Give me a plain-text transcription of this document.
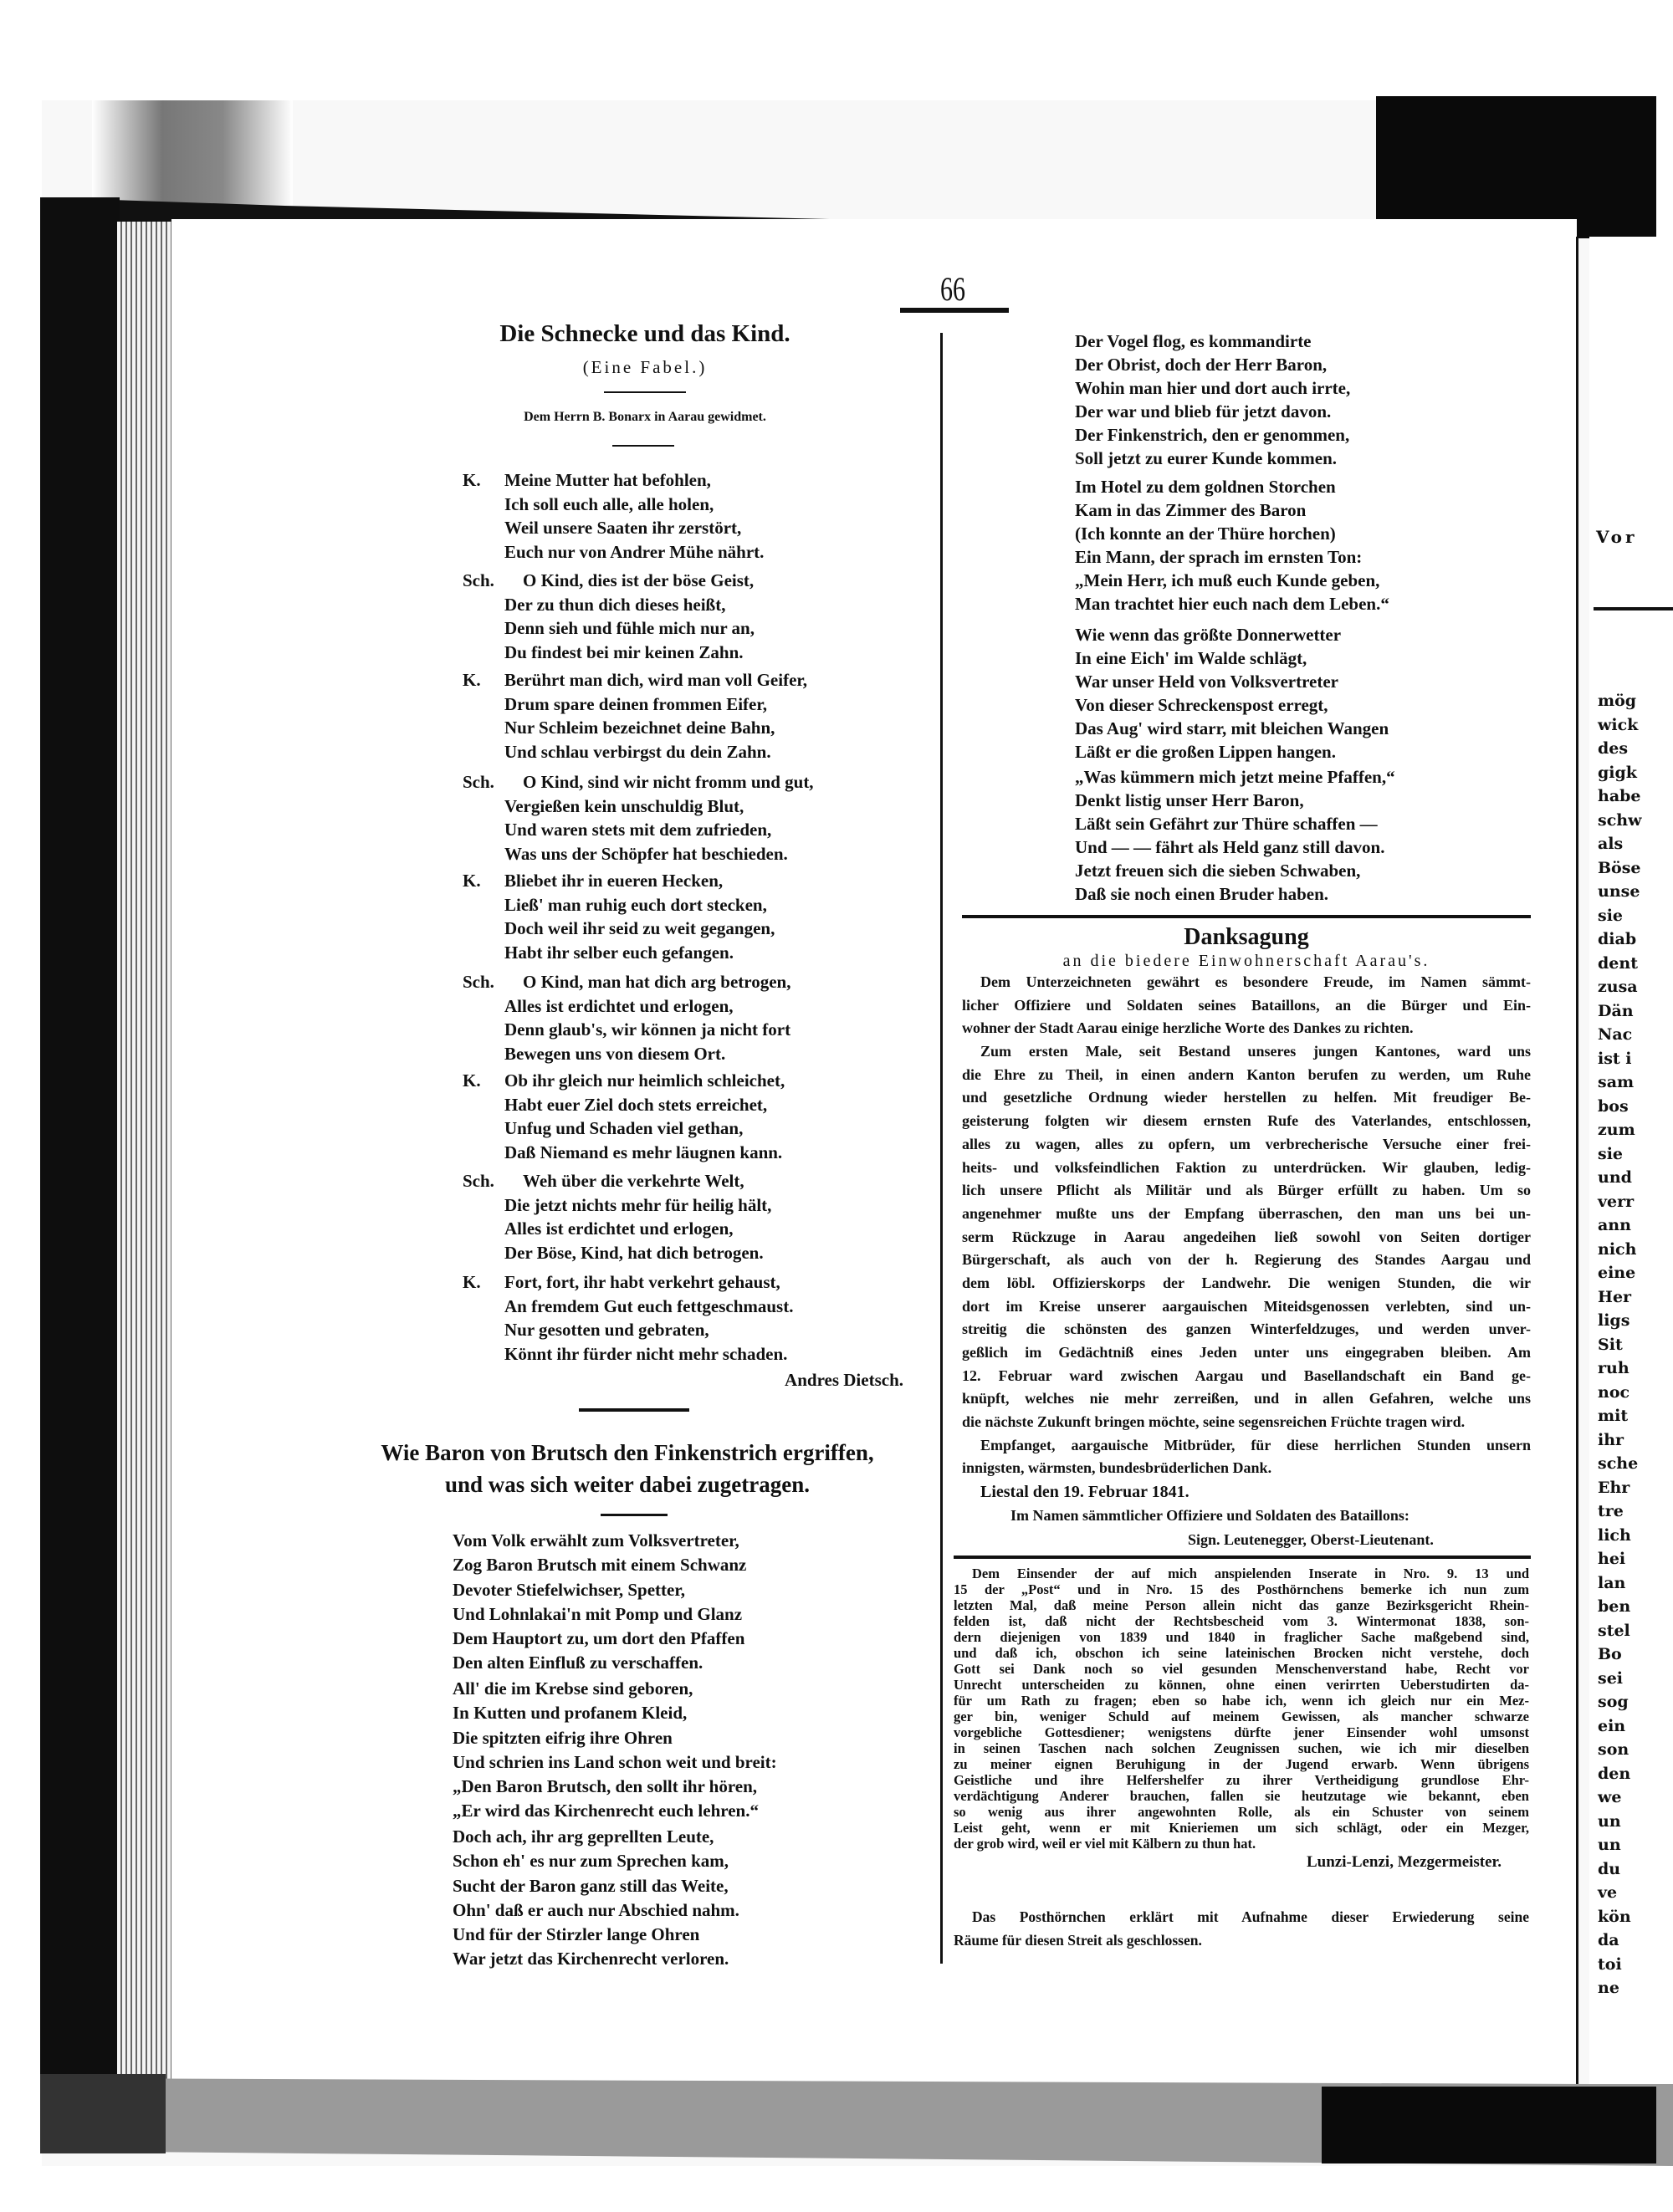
66
Die Schnecke und das Kind.
(Eine Fabel.)
Dem Herrn B. Bonarx in Aarau gewidmet.
K. Meine Mutter hat befohlen,
Ich soll euch alle, alle holen,
Weil unsere Saaten ihr zerstört,
Euch nur von Andrer Mühe nährt.
Sch. O Kind, dies ist der böse Geist,
Der zu thun dich dieses heißt,
Denn sieh und fühle mich nur an,
Du findest bei mir keinen Zahn.
K. Berührt man dich, wird man voll Geifer,
Drum spare deinen frommen Eifer,
Nur Schleim bezeichnet deine Bahn,
Und schlau verbirgst du dein Zahn.
Sch. O Kind, sind wir nicht fromm und gut,
Vergießen kein unschuldig Blut,
Und waren stets mit dem zufrieden,
Was uns der Schöpfer hat beschieden.
K. Bliebet ihr in eueren Hecken,
Ließ' man ruhig euch dort stecken,
Doch weil ihr seid zu weit gegangen,
Habt ihr selber euch gefangen.
Sch. O Kind, man hat dich arg betrogen,
Alles ist erdichtet und erlogen,
Denn glaub's, wir können ja nicht fort
Bewegen uns von diesem Ort.
K. Ob ihr gleich nur heimlich schleichet,
Habt euer Ziel doch stets erreichet,
Unfug und Schaden viel gethan,
Daß Niemand es mehr läugnen kann.
Sch. Weh über die verkehrte Welt,
Die jetzt nichts mehr für heilig hält,
Alles ist erdichtet und erlogen,
Der Böse, Kind, hat dich betrogen.
K. Fort, fort, ihr habt verkehrt gehaust,
An fremdem Gut euch fettgeschmaust.
Nur gesotten und gebraten,
Könnt ihr fürder nicht mehr schaden.
Andres Dietsch.
Wie Baron von Brutsch den Finkenstrich ergriffen,
und was sich weiter dabei zugetragen.
Vom Volk erwählt zum Volksvertreter,
Zog Baron Brutsch mit einem Schwanz
Devoter Stiefelwichser, Spetter,
Und Lohnlakai'n mit Pomp und Glanz
Dem Hauptort zu, um dort den Pfaffen
Den alten Einfluß zu verschaffen.
All' die im Krebse sind geboren,
In Kutten und profanem Kleid,
Die spitzten eifrig ihre Ohren
Und schrien ins Land schon weit und breit:
„Den Baron Brutsch, den sollt ihr hören,
„Er wird das Kirchenrecht euch lehren.“
Doch ach, ihr arg geprellten Leute,
Schon eh' es nur zum Sprechen kam,
Sucht der Baron ganz still das Weite,
Ohn' daß er auch nur Abschied nahm.
Und für der Stirzler lange Ohren
War jetzt das Kirchenrecht verloren.
Der Vogel flog, es kommandirte
Der Obrist, doch der Herr Baron,
Wohin man hier und dort auch irrte,
Der war und blieb für jetzt davon.
Der Finkenstrich, den er genommen,
Soll jetzt zu eurer Kunde kommen.
Im Hotel zu dem goldnen Storchen
Kam in das Zimmer des Baron
(Ich konnte an der Thüre horchen)
Ein Mann, der sprach im ernsten Ton:
„Mein Herr, ich muß euch Kunde geben,
Man trachtet hier euch nach dem Leben.“
Wie wenn das größte Donnerwetter
In eine Eich' im Walde schlägt,
War unser Held von Volksvertreter
Von dieser Schreckenspost erregt,
Das Aug' wird starr, mit bleichen Wangen
Läßt er die großen Lippen hangen.
„Was kümmern mich jetzt meine Pfaffen,“
Denkt listig unser Herr Baron,
Läßt sein Gefährt zur Thüre schaffen —
Und — — fährt als Held ganz still davon.
Jetzt freuen sich die sieben Schwaben,
Daß sie noch einen Bruder haben.
Danksagung
an die biedere Einwohnerschaft Aarau's.
Dem Unterzeichneten gewährt es besondere Freude, im Namen sämmt-
licher Offiziere und Soldaten seines Bataillons, an die Bürger und Ein-
wohner der Stadt Aarau einige herzliche Worte des Dankes zu richten.
Zum ersten Male, seit Bestand unseres jungen Kantones, ward uns
die Ehre zu Theil, in einen andern Kanton berufen zu werden, um Ruhe
und gesetzliche Ordnung wieder herstellen zu helfen. Mit freudiger Be-
geisterung folgten wir diesem ernsten Rufe des Vaterlandes, entschlossen,
alles zu wagen, alles zu opfern, um verbrecherische Versuche einer frei-
heits- und volksfeindlichen Faktion zu unterdrücken. Wir glauben, ledig-
lich unsere Pflicht als Militär und als Bürger erfüllt zu haben. Um so
angenehmer mußte uns der Empfang überraschen, den man uns bei un-
serm Rückzuge in Aarau angedeihen ließ sowohl von Seiten dortiger
Bürgerschaft, als auch von der h. Regierung des Standes Aargau und
dem löbl. Offizierskorps der Landwehr. Die wenigen Stunden, die wir
dort im Kreise unserer aargauischen Miteidsgenossen verlebten, sind un-
streitig die schönsten des ganzen Winterfeldzuges, und werden unver-
geßlich im Gedächtniß eines Jeden unter uns eingegraben bleiben. Am
12. Februar ward zwischen Aargau und Basellandschaft ein Band ge-
knüpft, welches nie mehr zerreißen, und in allen Gefahren, welche uns
die nächste Zukunft bringen möchte, seine segensreichen Früchte tragen wird.
Empfanget, aargauische Mitbrüder, für diese herrlichen Stunden unsern
innigsten, wärmsten, bundesbrüderlichen Dank.
Liestal den 19. Februar 1841.
Im Namen sämmtlicher Offiziere und Soldaten des Bataillons:
Sign. Leutenegger, Oberst-Lieutenant.
Dem Einsender der auf mich anspielenden Inserate in Nro. 9. 13 und
15 der „Post“ und in Nro. 15 des Posthörnchens bemerke ich nun zum
letzten Mal, daß meine Person allein nicht das ganze Bezirksgericht Rhein-
felden ist, daß nicht der Rechtsbescheid vom 3. Wintermonat 1838, son-
dern diejenigen von 1839 und 1840 in fraglicher Sache maßgebend sind,
und daß ich, obschon ich seine lateinischen Brocken nicht verstehe, doch
Gott sei Dank noch so viel gesunden Menschenverstand habe, Recht vor
Unrecht unterscheiden zu können, ohne einen verirrten Ueberstudirten da-
für um Rath zu fragen; eben so habe ich, wenn ich gleich nur ein Mez-
ger bin, weniger Schuld auf meinem Gewissen, als mancher schwarze
vorgebliche Gottesdiener; wenigstens dürfte jener Einsender wohl umsonst
in seinen Taschen nach solchen Zeugnissen suchen, wie ich mir dieselben
zu meiner eignen Beruhigung in der Jugend erwarb. Wenn übrigens
Geistliche und ihre Helfershelfer zu ihrer Vertheidigung grundlose Ehr-
verdächtigung Anderer brauchen, fallen sie heutzutage wie bekannt, eben
so wenig aus ihrer angewohnten Rolle, als ein Schuster von seinem
Leist geht, wenn er mit Knieriemen um sich schlägt, oder ein Mezger,
der grob wird, weil er viel mit Kälbern zu thun hat.
Lunzi-Lenzi, Mezgermeister.
Das Posthörnchen erklärt mit Aufnahme dieser Erwiederung seine
Räume für diesen Streit als geschlossen.
Vor
mög
wick
des
gigk
habe
schw
als
Böse
unse
sie
diab
dent
zusa
Dän
Nac
ist i
sam
bos
zum
sie
und
verr
ann
nich
eine
Her
ligs
Sit
ruh
noc
mit
ihr
sche
Ehr
tre
lich
hei
lan
ben
stel
Bo
sei
sog
ein
son
den
we
un
un
du
ve
kön
da
toi
ne
